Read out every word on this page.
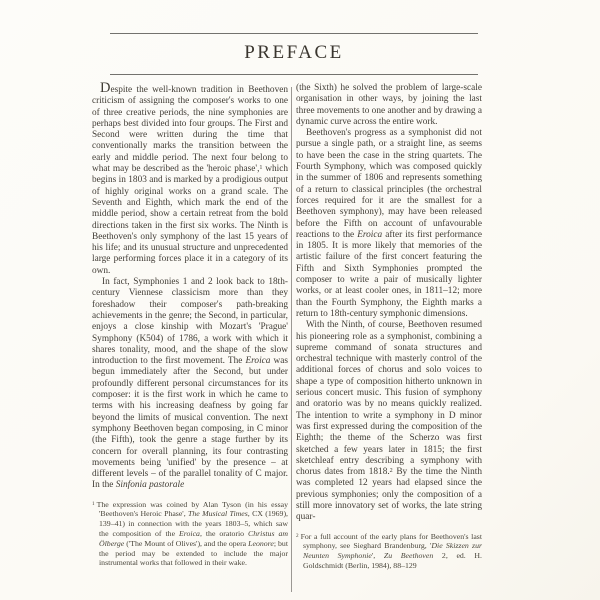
PREFACE

Despite the well-known tradition in Beethoven criticism of assigning the composer's works to one of three creative periods, the nine symphonies are perhaps best divided into four groups. The First and Second were written during the time that conventionally marks the transition between the early and middle period. The next four belong to what may be described as the 'heroic phase',$^1$ which begins in 1803 and is marked by a prodigious output of highly original works on a grand scale. The Seventh and Eighth, which mark the end of the middle period, show a certain retreat from the bold directions taken in the first six works. The Ninth is Beethoven's only symphony of the last 15 years of his life; and its unusual structure and unprecedented large performing forces place it in a category of its own.

In fact, Symphonies 1 and 2 look back to 18th-century Viennese classicism more than they foreshadow their composer's path-breaking achievements in the genre; the Second, in particular, enjoys a close kinship with Mozart's 'Prague' Symphony (K504) of 1786, a work with which it shares tonality, mood, and the shape of the slow introduction to the first movement. The Eroica was begun immediately after the Second, but under profoundly different personal circumstances for its composer: it is the first work in which he came to terms with his increasing deafness by going far beyond the limits of musical convention. The next symphony Beethoven began composing, in C minor (the Fifth), took the genre a stage further by its concern for overall planning, its four contrasting movements being 'unified' by the presence – at different levels – of the parallel tonality of C major. In the Sinfonia pastorale

$^1$ The expression was coined by Alan Tyson (in his essay 'Beethoven's Heroic Phase', The Musical Times, CX (1969), 139–41) in connection with the years 1803–5, which saw the composition of the Eroica, the oratorio Christus am Ölberge ('The Mount of Olives'), and the opera Leonore; but the period may be extended to include the major instrumental works that followed in their wake.

(the Sixth) he solved the problem of large-scale organisation in other ways, by joining the last three movements to one another and by drawing a dynamic curve across the entire work.

Beethoven's progress as a symphonist did not pursue a single path, or a straight line, as seems to have been the case in the string quartets. The Fourth Symphony, which was composed quickly in the summer of 1806 and represents something of a return to classical principles (the orchestral forces required for it are the smallest for a Beethoven symphony), may have been released before the Fifth on account of unfavourable reactions to the Eroica after its first performance in 1805. It is more likely that memories of the artistic failure of the first concert featuring the Fifth and Sixth Symphonies prompted the composer to write a pair of musically lighter works, or at least cooler ones, in 1811–12; more than the Fourth Symphony, the Eighth marks a return to 18th-century symphonic dimensions.

With the Ninth, of course, Beethoven resumed his pioneering role as a symphonist, combining a supreme command of sonata structures and orchestral technique with masterly control of the additional forces of chorus and solo voices to shape a type of composition hitherto unknown in serious concert music. This fusion of symphony and oratorio was by no means quickly realized. The intention to write a symphony in D minor was first expressed during the composition of the Eighth; the theme of the Scherzo was first sketched a few years later in 1815; the first sketchleaf entry describing a symphony with chorus dates from 1818.$^2$ By the time the Ninth was completed 12 years had elapsed since the previous symphonies; only the composition of a still more innovatory set of works, the late string quar-

$^2$ For a full account of the early plans for Beethoven's last symphony, see Sieghard Brandenburg, 'Die Skizzen zur Neunten Symphonie', Zu Beethoven 2, ed. H. Goldschmidt (Berlin, 1984), 88–129
